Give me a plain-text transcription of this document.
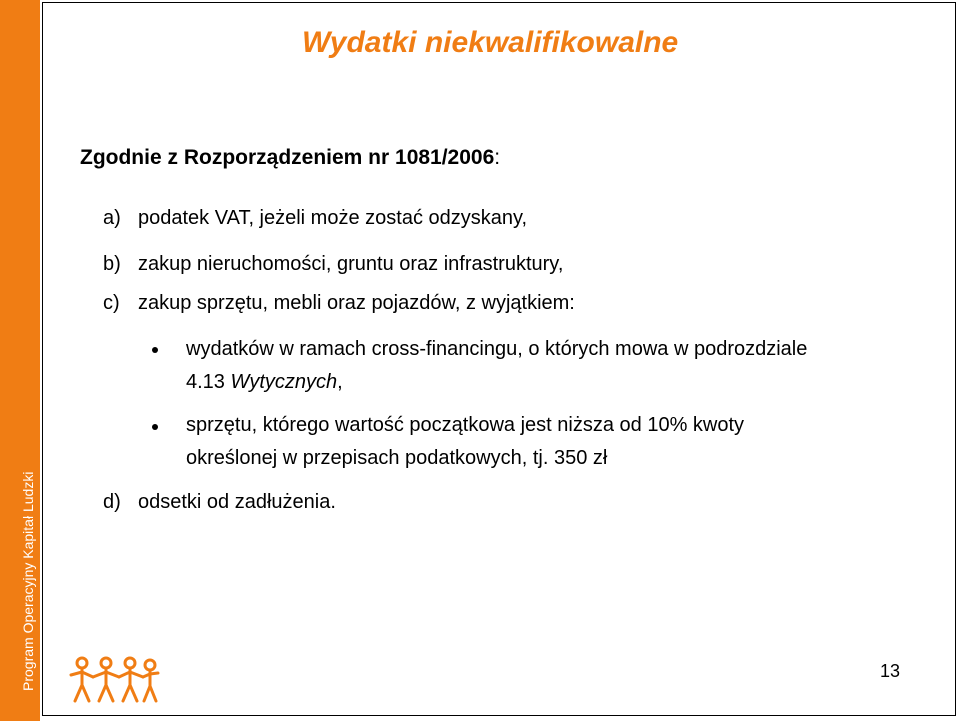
Program Operacyjny Kapitał Ludzki
Wydatki niekwalifikowalne
Zgodnie z Rozporządzeniem nr 1081/2006:
a) podatek VAT, jeżeli może zostać odzyskany,
b) zakup nieruchomości, gruntu oraz infrastruktury,
c) zakup sprzętu, mebli oraz pojazdów, z wyjątkiem:
wydatków w ramach cross-financingu, o których mowa w podrozdziale
4.13 Wytycznych,
sprzętu, którego wartość początkowa jest niższa od 10% kwoty
określonej w przepisach podatkowych, tj. 350 zł
d) odsetki od zadłużenia.
13
